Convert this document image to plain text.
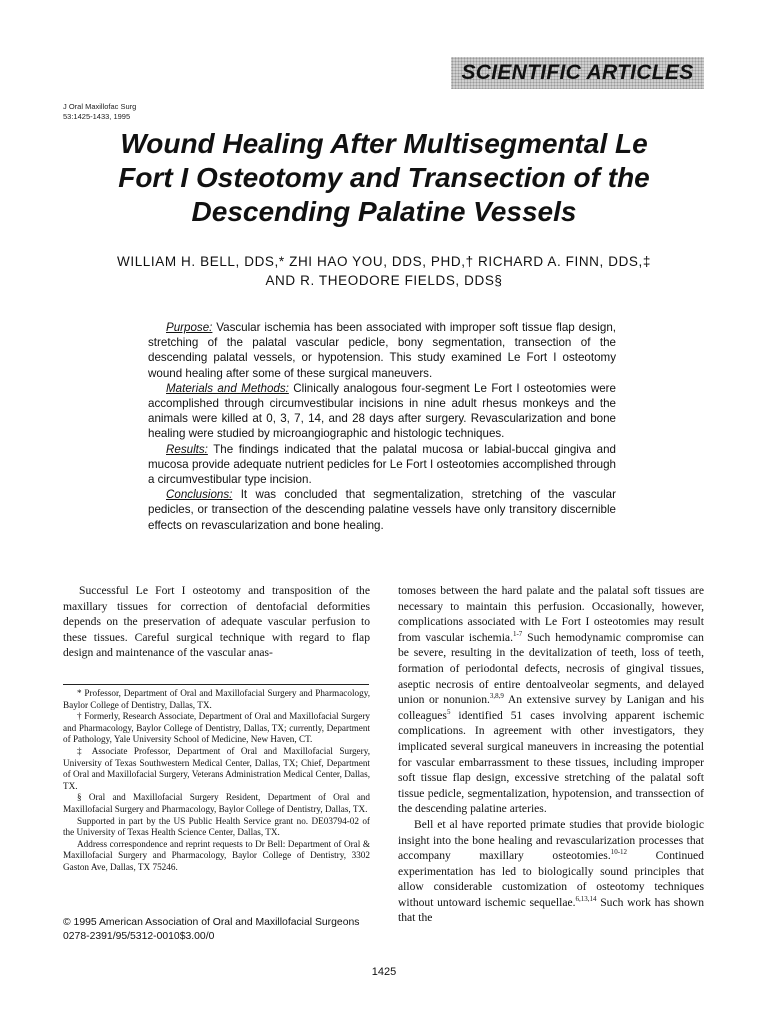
SCIENTIFIC ARTICLES
J Oral Maxillofac Surg
53:1425-1433, 1995
Wound Healing After Multisegmental Le
Fort I Osteotomy and Transection of the
Descending Palatine Vessels
WILLIAM H. BELL, DDS,* ZHI HAO YOU, DDS, PHD,† RICHARD A. FINN, DDS,‡
AND R. THEODORE FIELDS, DDS§

Purpose: Vascular ischemia has been associated with improper soft tissue flap design, stretching of the palatal vascular pedicle, bony segmentation, transection of the descending palatal vessels, or hypotension. This study examined Le Fort I osteotomy wound healing after some of these surgical maneuvers.

Materials and Methods: Clinically analogous four-segment Le Fort I osteotomies were accomplished through circumvestibular incisions in nine adult rhesus monkeys and the animals were killed at 0, 3, 7, 14, and 28 days after surgery. Revascularization and bone healing were studied by microangiographic and histologic techniques.

Results: The findings indicated that the palatal mucosa or labial-buccal gingiva and mucosa provide adequate nutrient pedicles for Le Fort I osteotomies accomplished through a circumvestibular type incision.

Conclusions: It was concluded that segmentalization, stretching of the vascular pedicles, or transection of the descending palatine vessels have only transitory discernible effects on revascularization and bone healing.

Successful Le Fort I osteotomy and transposition of the maxillary tissues for correction of dentofacial deformities depends on the preservation of adequate vascular perfusion to these tissues. Careful surgical technique with regard to flap design and maintenance of the vascular anas-

* Professor, Department of Oral and Maxillofacial Surgery and Pharmacology, Baylor College of Dentistry, Dallas, TX.

† Formerly, Research Associate, Department of Oral and Maxillofacial Surgery and Pharmacology, Baylor College of Dentistry, Dallas, TX; currently, Department of Pathology, Yale University School of Medicine, New Haven, CT.

‡ Associate Professor, Department of Oral and Maxillofacial Surgery, University of Texas Southwestern Medical Center, Dallas, TX; Chief, Department of Oral and Maxillofacial Surgery, Veterans Administration Medical Center, Dallas, TX.

§ Oral and Maxillofacial Surgery Resident, Department of Oral and Maxillofacial Surgery and Pharmacology, Baylor College of Dentistry, Dallas, TX.

Supported in part by the US Public Health Service grant no. DE03794-02 of the University of Texas Health Science Center, Dallas, TX.

Address correspondence and reprint requests to Dr Bell: Department of Oral & Maxillofacial Surgery and Pharmacology, Baylor College of Dentistry, 3302 Gaston Ave, Dallas, TX 75246.

© 1995 American Association of Oral and Maxillofacial Surgeons
0278-2391/95/5312-0010$3.00/0

tomoses between the hard palate and the palatal soft tissues are necessary to maintain this perfusion. Occasionally, however, complications associated with Le Fort I osteotomies may result from vascular ischemia.$^{1-7}$ Such hemodynamic compromise can be severe, resulting in the devitalization of teeth, loss of teeth, formation of periodontal defects, necrosis of gingival tissues, aseptic necrosis of entire dentoalveolar segments, and delayed union or nonunion.$^{3,8,9}$ An extensive survey by Lanigan and his colleagues$^5$ identified 51 cases involving apparent ischemic complications. In agreement with other investigators, they implicated several surgical maneuvers in increasing the potential for vascular embarrassment to these tissues, including improper soft tissue flap design, excessive stretching of the palatal soft tissue pedicle, segmentalization, hypotension, and transsection of the descending palatine arteries.

Bell et al have reported primate studies that provide biologic insight into the bone healing and revascularization processes that accompany maxillary osteotomies.$^{10-12}$ Continued experimentation has led to biologically sound principles that allow considerable customization of osteotomy techniques without untoward ischemic sequellae.$^{6,13,14}$ Such work has shown that the

1425
